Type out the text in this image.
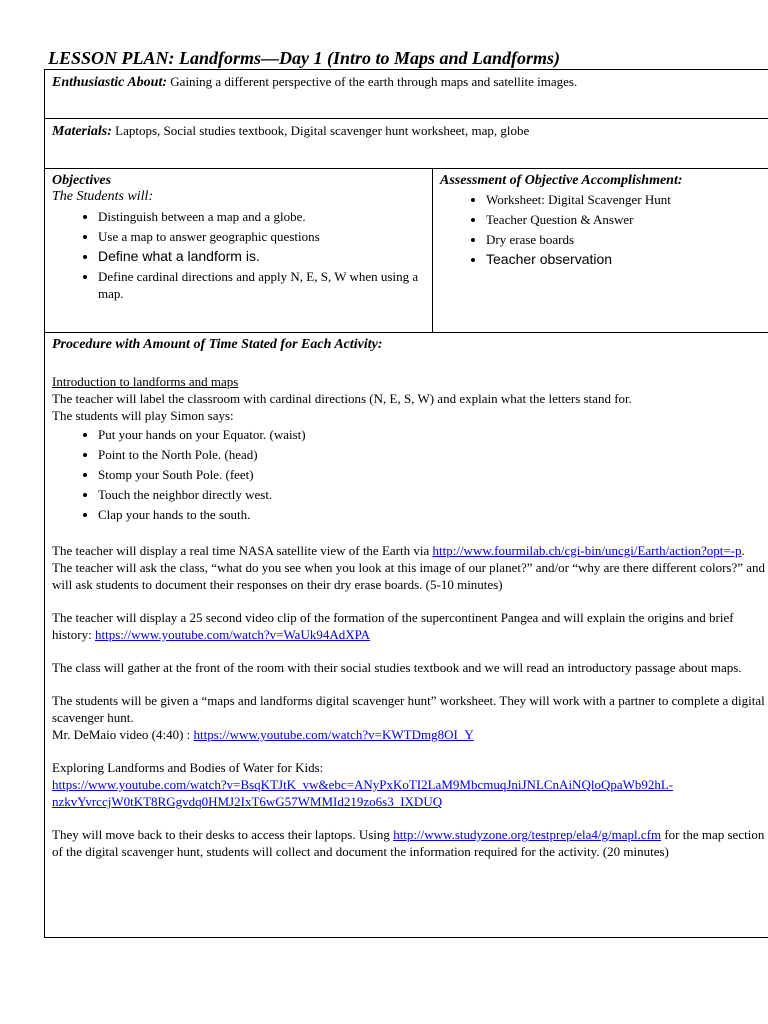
LESSON PLAN: Landforms—Day 1 (Intro to Maps and Landforms)
Enthusiastic About: Gaining a different perspective of the earth through maps and satellite images.
Materials: Laptops, Social studies textbook, Digital scavenger hunt worksheet, map, globe
Objectives
The Students will:
• Distinguish between a map and a globe.
• Use a map to answer geographic questions
• Define what a landform is.
• Define cardinal directions and apply N, E, S, W when using a map.
Assessment of Objective Accomplishment:
• Worksheet: Digital Scavenger Hunt
• Teacher Question & Answer
• Dry erase boards
• Teacher observation
Procedure with Amount of Time Stated for Each Activity:

Introduction to landforms and maps

The teacher will label the classroom with cardinal directions (N, E, S, W) and explain what the letters stand for.

The students will play Simon says:

• Put your hands on your Equator. (waist)
• Point to the North Pole. (head)
• Stomp your South Pole. (feet)
• Touch the neighbor directly west.
• Clap your hands to the south.

The teacher will display a real time NASA satellite view of the Earth via http://www.fourmilab.ch/cgi-bin/uncgi/Earth/action?opt=-p. The teacher will ask the class, “what do you see when you look at this image of our planet?” and/or “why are there different colors?” and will ask students to document their responses on their dry erase boards. (5-10 minutes)

The teacher will display a 25 second video clip of the formation of the supercontinent Pangea and will explain the origins and brief history: https://www.youtube.com/watch?v=WaUk94AdXPA

The class will gather at the front of the room with their social studies textbook and we will read an introductory passage about maps.

The students will be given a “maps and landforms digital scavenger hunt” worksheet. They will work with a partner to complete a digital scavenger hunt.

Mr. DeMaio video (4:40) : https://www.youtube.com/watch?v=KWTDmg8OI_Y

Exploring Landforms and Bodies of Water for Kids:

https://www.youtube.com/watch?v=BsqKTJtK_vw&ebc=ANyPxKoTI2LaM9MbcmuqJniJNLCnAiNQloQpaWb92hL-

nzkvYvrccjW0tKT8RGgvdq0HMJ2IxT6wG57WMMId219zo6s3_IXDUQ

They will move back to their desks to access their laptops. Using http://www.studyzone.org/testprep/ela4/g/mapl.cfm for the map section of the digital scavenger hunt, students will collect and document the information required for the activity. (20 minutes)
